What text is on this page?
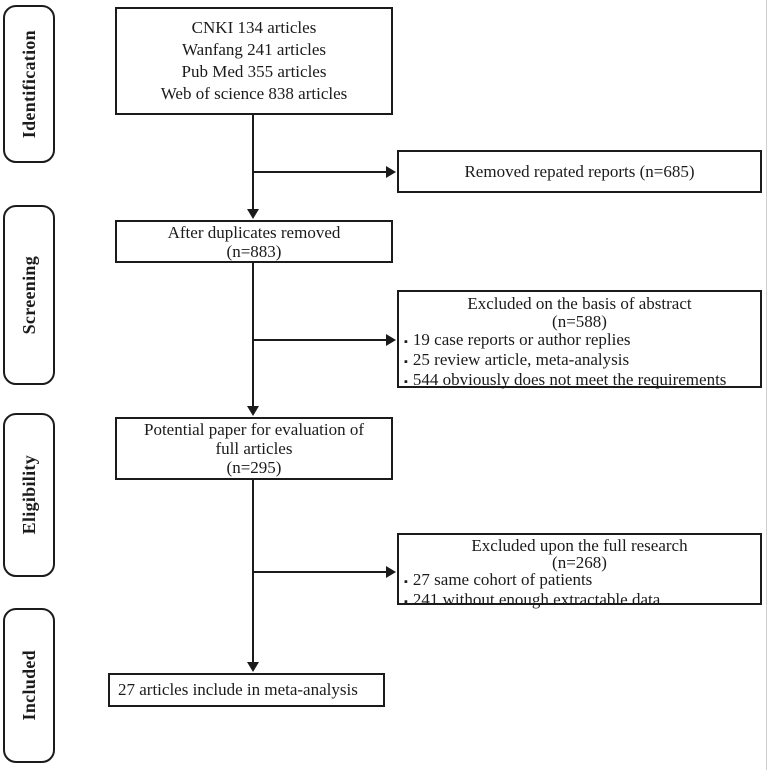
Identification
Screening
Eligibility
Included
CNKI 134 articles
Wanfang 241 articles
Pub Med 355 articles
Web of science 838 articles
Removed repated reports (n=685)
After duplicates removed
(n=883)
Excluded on the basis of abstract
(n=588)
▪ 19 case reports or author replies
▪ 25 review article, meta-analysis
▪ 544 obviously does not meet the requirements
Potential paper for evaluation of
full articles
(n=295)
Excluded upon the full research
(n=268)
▪ 27 same cohort of patients
▪ 241 without enough extractable data
27 articles include in meta-analysis
